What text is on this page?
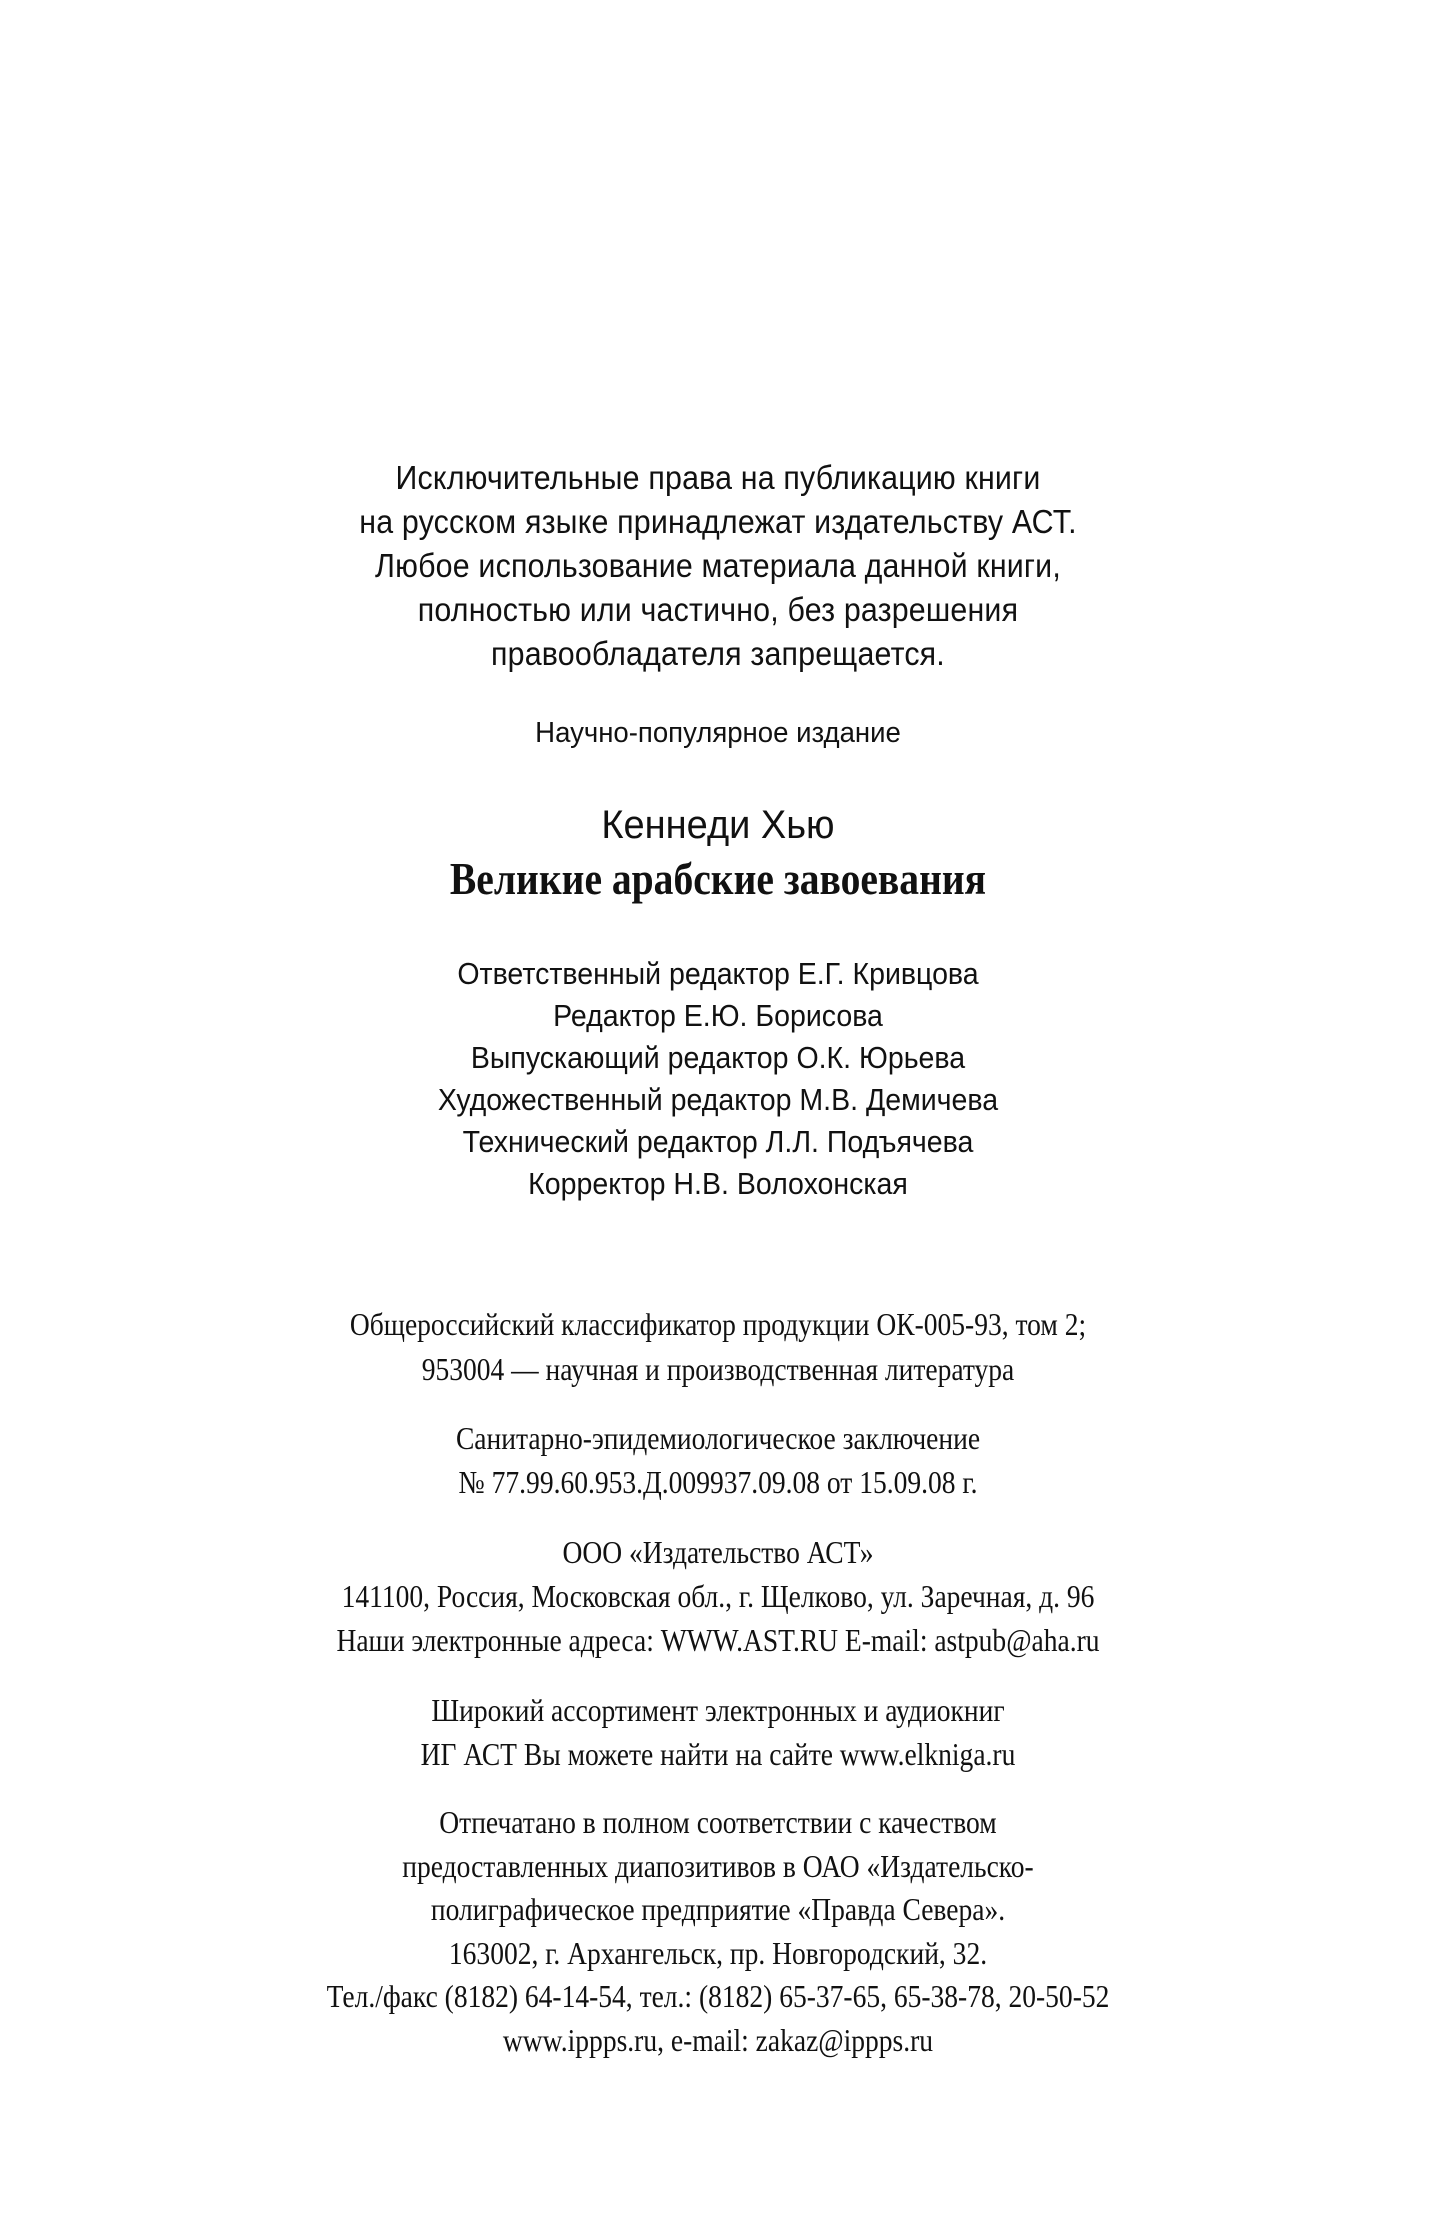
Исключительные права на публикацию книги
на русском языке принадлежат издательству АСТ.
Любое использование материала данной книги,
полностью или частично, без разрешения
правообладателя запрещается.
Научно-популярное издание
Кеннеди Хью
Великие арабские завоевания
Ответственный редактор Е.Г. Кривцова
Редактор Е.Ю. Борисова
Выпускающий редактор О.К. Юрьева
Художественный редактор М.В. Демичева
Технический редактор Л.Л. Подъячева
Корректор Н.В. Волохонская
Общероссийский классификатор продукции ОК-005-93, том 2;
953004 — научная и производственная литература
Санитарно-эпидемиологическое заключение
№ 77.99.60.953.Д.009937.09.08 от 15.09.08 г.
ООО «Издательство АСТ»
141100, Россия, Московская обл., г. Щелково, ул. Заречная, д. 96
Наши электронные адреса: WWW.AST.RU E-mail: astpub@aha.ru
Широкий ассортимент электронных и аудиокниг
ИГ АСТ Вы можете найти на сайте www.elkniga.ru
Отпечатано в полном соответствии с качеством
предоставленных диапозитивов в ОАО «Издательско-
полиграфическое предприятие «Правда Севера».
163002, г. Архангельск, пр. Новгородский, 32.
Тел./факс (8182) 64-14-54, тел.: (8182) 65-37-65, 65-38-78, 20-50-52
www.ippps.ru, e-mail: zakaz@ippps.ru
